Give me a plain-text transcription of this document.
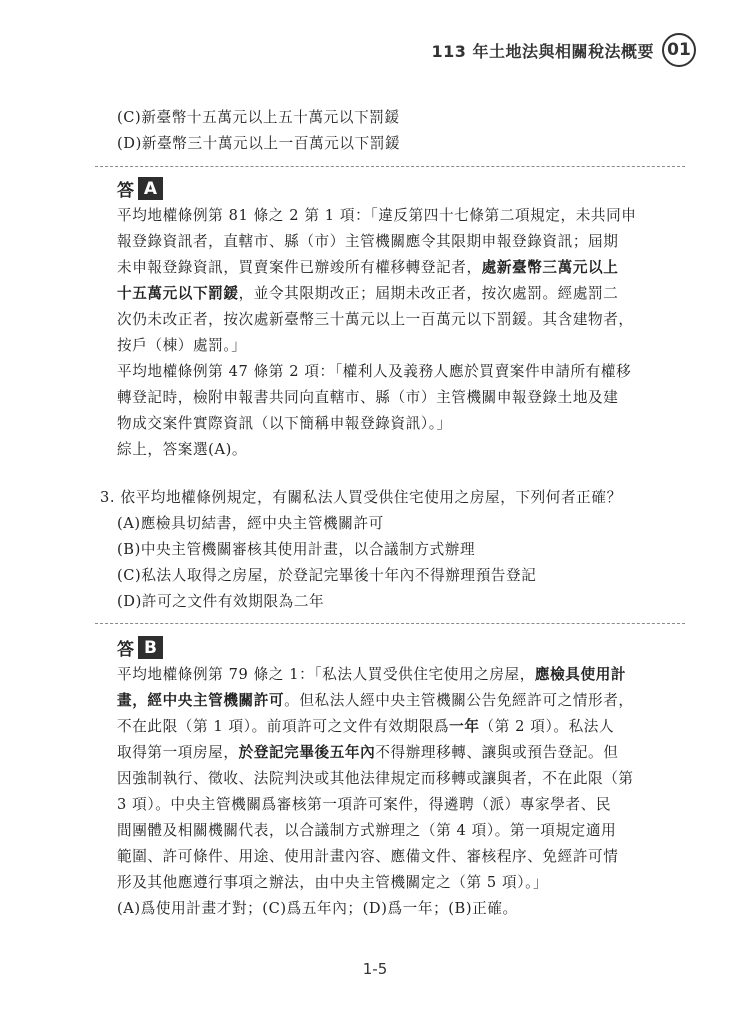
113 年土地法與相關稅法概要 01
(C)新臺幣十五萬元以上五十萬元以下罰鍰
(D)新臺幣三十萬元以上一百萬元以下罰鍰
答 A
平均地權條例第 81 條之 2 第 1 項：「違反第四十七條第二項規定，未共同申
報登錄資訊者，直轄市、縣（市）主管機關應令其限期申報登錄資訊；屆期
未申報登錄資訊，買賣案件已辦竣所有權移轉登記者，處新臺幣三萬元以上
十五萬元以下罰鍰，並令其限期改正；屆期未改正者，按次處罰。經處罰二
次仍未改正者，按次處新臺幣三十萬元以上一百萬元以下罰鍰。其含建物者，
按戶（棟）處罰。」
平均地權條例第 47 條第 2 項：「權利人及義務人應於買賣案件申請所有權移
轉登記時，檢附申報書共同向直轄市、縣（市）主管機關申報登錄土地及建
物成交案件實際資訊（以下簡稱申報登錄資訊）。」
綜上，答案選(A)。
3. 依平均地權條例規定，有關私法人買受供住宅使用之房屋，下列何者正確？
(A)應檢具切結書，經中央主管機關許可
(B)中央主管機關審核其使用計畫，以合議制方式辦理
(C)私法人取得之房屋，於登記完畢後十年內不得辦理預告登記
(D)許可之文件有效期限為二年
答 B
平均地權條例第 79 條之 1：「私法人買受供住宅使用之房屋，應檢具使用計
畫，經中央主管機關許可。但私法人經中央主管機關公告免經許可之情形者，
不在此限（第 1 項）。前項許可之文件有效期限爲一年（第 2 項）。私法人
取得第一項房屋，於登記完畢後五年內不得辦理移轉、讓與或預告登記。但
因強制執行、徵收、法院判決或其他法律規定而移轉或讓與者，不在此限（第
3 項）。中央主管機關爲審核第一項許可案件，得遴聘（派）專家學者、民
間團體及相關機關代表，以合議制方式辦理之（第 4 項）。第一項規定適用
範圍、許可條件、用途、使用計畫內容、應備文件、審核程序、免經許可情
形及其他應遵行事項之辦法，由中央主管機關定之（第 5 項）。」
(A)爲使用計畫才對；(C)爲五年內；(D)爲一年；(B)正確。
1-5
